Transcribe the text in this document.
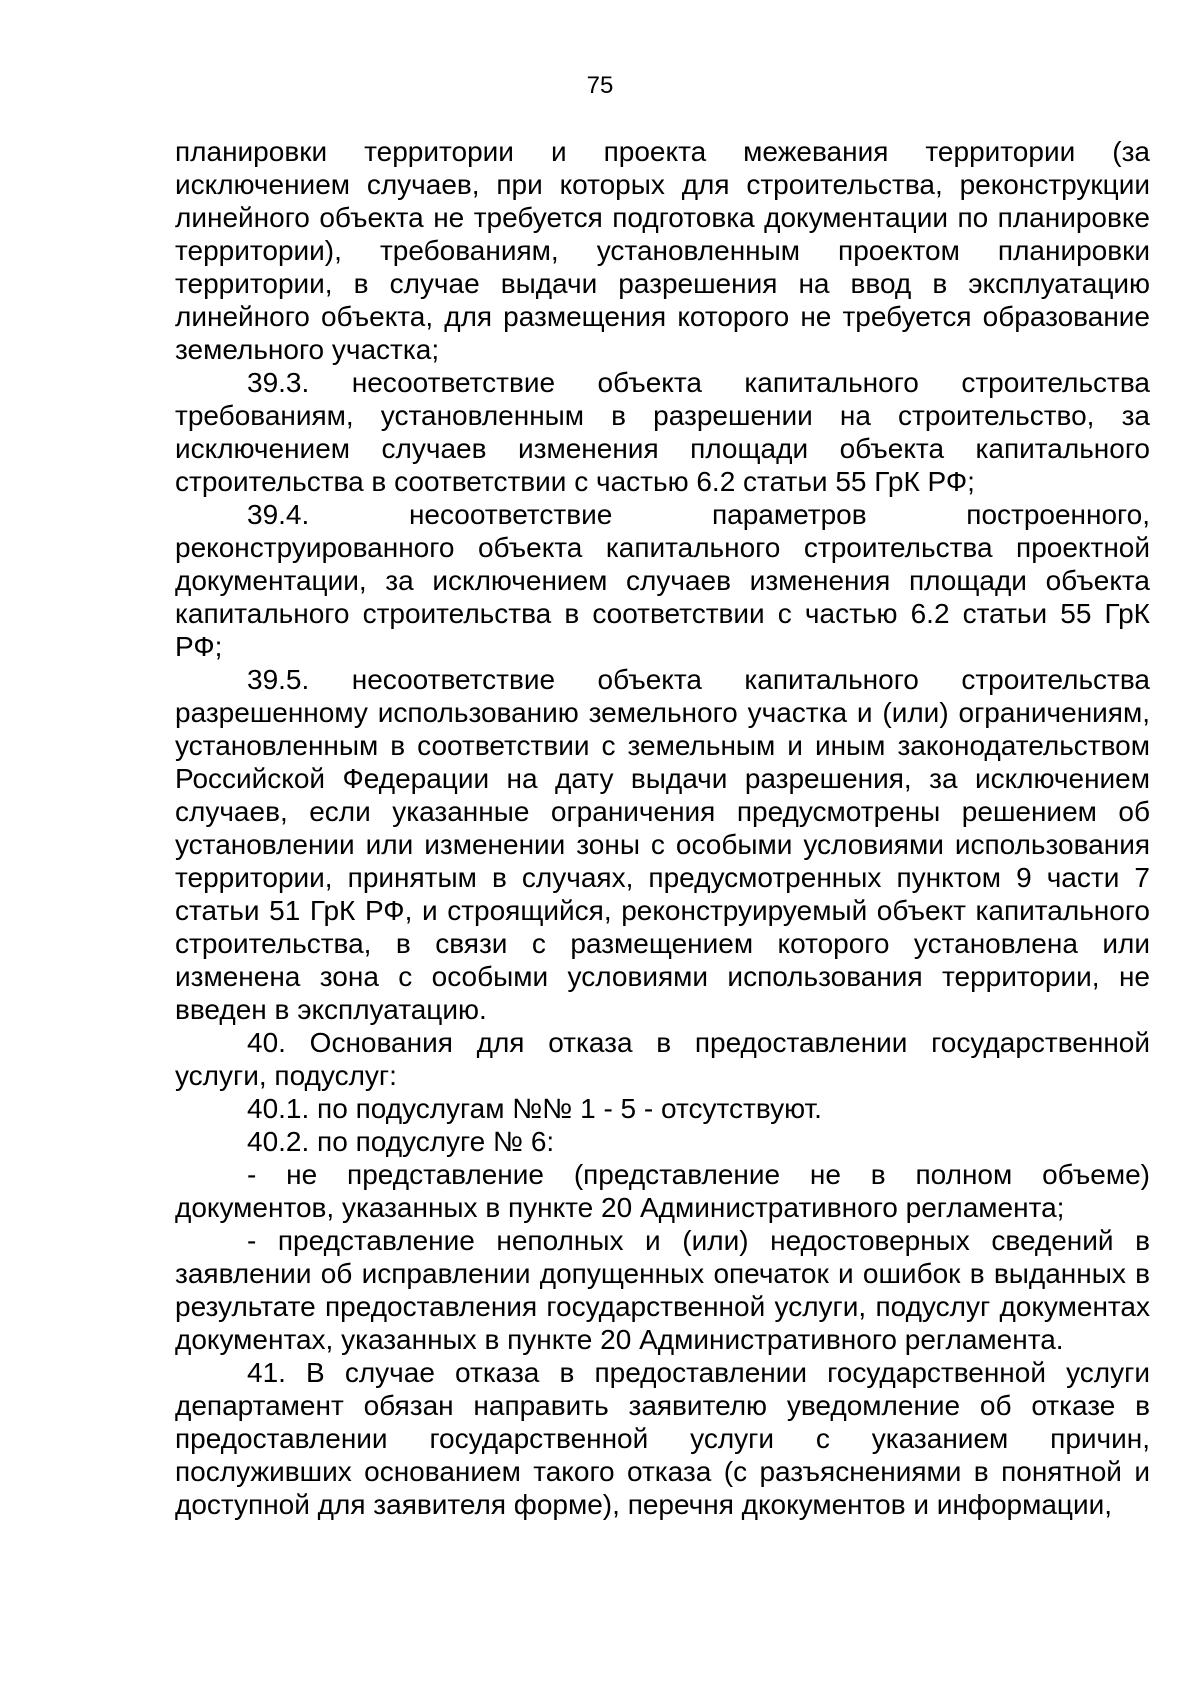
75

планировки территории и проекта межевания территории (за исключением случаев, при которых для строительства, реконструкции линейного объекта не требуется подготовка документации по планировке территории), требованиям, установленным проектом планировки территории, в случае выдачи разрешения на ввод в эксплуатацию линейного объекта, для размещения которого не требуется образование земельного участка;

39.3. несоответствие объекта капитального строительства требованиям, установленным в разрешении на строительство, за исключением случаев изменения площади объекта капитального строительства в соответствии с частью 6.2 статьи 55 ГрК РФ;

39.4. несоответствие параметров построенного, реконструированного объекта капитального строительства проектной документации, за исключением случаев изменения площади объекта капитального строительства в соответствии с частью 6.2 статьи 55 ГрК РФ;

39.5. несоответствие объекта капитального строительства разрешенному использованию земельного участка и (или) ограничениям, установленным в соответствии с земельным и иным законодательством Российской Федерации на дату выдачи разрешения, за исключением случаев, если указанные ограничения предусмотрены решением об установлении или изменении зоны с особыми условиями использования территории, принятым в случаях, предусмотренных пунктом 9 части 7 статьи 51 ГрК РФ, и строящийся, реконструируемый объект капитального строительства, в связи с размещением которого установлена или изменена зона с особыми условиями использования территории, не введен в эксплуатацию.

40. Основания для отказа в предоставлении государственной услуги, подуслуг:

40.1. по подуслугам №№ 1 - 5 - отсутствуют.

40.2. по подуслуге № 6:

- не представление (представление не в полном объеме) документов, указанных в пункте 20 Административного регламента;

- представление неполных и (или) недостоверных сведений в заявлении об исправлении допущенных опечаток и ошибок в выданных в результате предоставления государственной услуги, подуслуг документах документах, указанных в пункте 20 Административного регламента.

41. В случае отказа в предоставлении государственной услуги департамент обязан направить заявителю уведомление об отказе в предоставлении государственной услуги с указанием причин, послуживших основанием такого отказа (с разъяснениями в понятной и доступной для заявителя форме), перечня дкокументов и информации,
